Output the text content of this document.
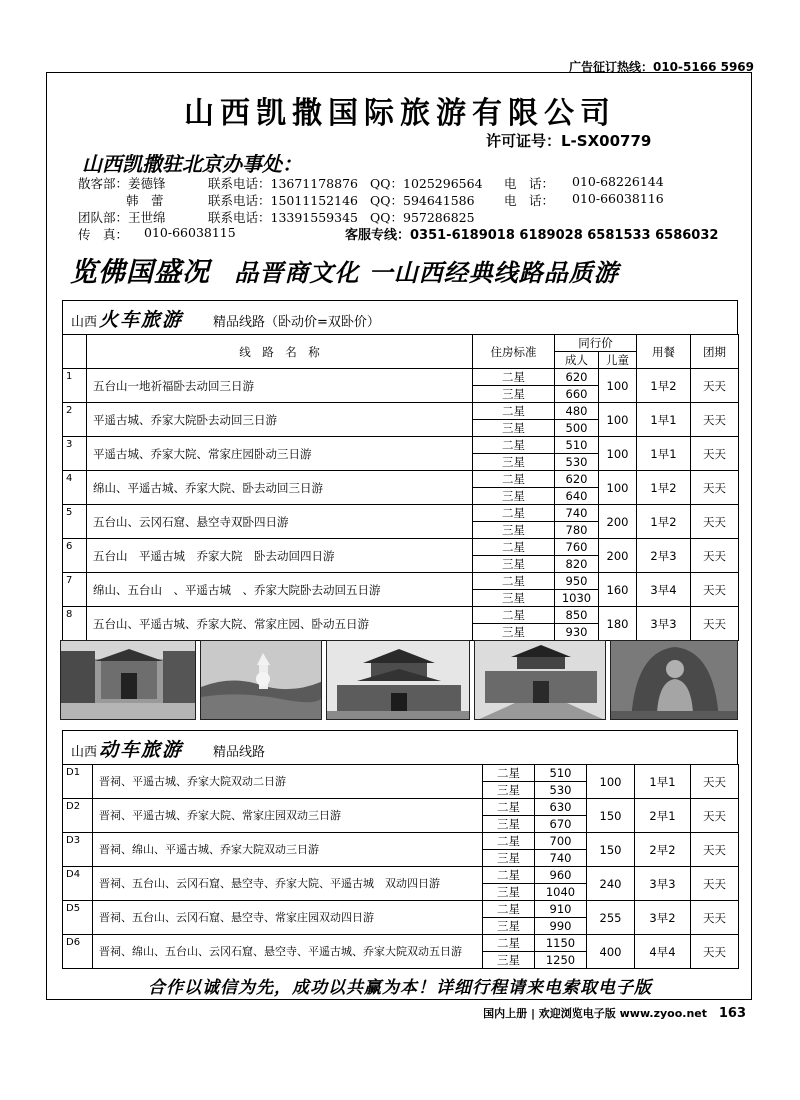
广告征订热线：010-5166 5969
山西凯撒国际旅游有限公司
许可证号：L-SX00779
山西凯撒驻北京办事处：
散客部：姜德锋	联系电话：13671178876 QQ：1025296564 电　话： 010-68226144
韩　蕾	联系电话：15011152146 QQ：594641586 电　话： 010-66038116
团队部：王世绵	联系电话：13391559345 QQ：957286825
传　真： 010-66038115	客服专线：0351-6189018 6189028 6581533 6586032
览佛国盛况 品晋商文化 一山西经典线路品质游
山西 火车旅游 精品线路（卧动价=双卧价）
	线　路　名　称	住房标准	同行价		用餐	团期
			成人	儿童		
1	五台山一地祈福卧去动回三日游	二星	620	100	1早2	天天
		三星	660			
2	平遥古城、乔家大院卧去动回三日游	二星	480	100	1早1	天天
		三星	500			
3	平遥古城、乔家大院、常家庄园卧动三日游	二星	510	100	1早1	天天
		三星	530			
4	绵山、平遥古城、乔家大院、卧去动回三日游	二星	620	100	1早2	天天
		三星	640			
5	五台山、云冈石窟、悬空寺双卧四日游	二星	740	200	1早2	天天
		三星	780			
6	五台山　平遥古城　乔家大院　卧去动回四日游	二星	760	200	2早3	天天
		三星	820			
7	绵山、五台山　、平遥古城　、乔家大院卧去动回五日游	二星	950	160	3早4	天天
		三星	1030			
8	五台山、平遥古城、乔家大院、常家庄园、卧动五日游	二星	850	180	3早3	天天
		三星	930			
山西 动车旅游 精品线路
D1	晋祠、平遥古城、乔家大院双动二日游	二星	510	100	1早1	天天
		三星	530			
D2	晋祠、平遥古城、乔家大院、常家庄园双动三日游	二星	630	150	2早1	天天
		三星	670			
D3	晋祠、绵山、平遥古城、乔家大院双动三日游	二星	700	150	2早2	天天
		三星	740			
D4	晋祠、五台山、云冈石窟、悬空寺、乔家大院、平遥古城　双动四日游	二星	960	240	3早3	天天
		三星	1040			
D5	晋祠、五台山、云冈石窟、悬空寺、常家庄园双动四日游	二星	910	255	3早2	天天
		三星	990			
D6	晋祠、绵山、五台山、云冈石窟、悬空寺、平遥古城、乔家大院双动五日游	二星	1150	400	4早4	天天
		三星	1250			
合作以诚信为先，成功以共赢为本！详细行程请来电索取电子版
国内上册 | 欢迎浏览电子版 www.zyoo.net 163
